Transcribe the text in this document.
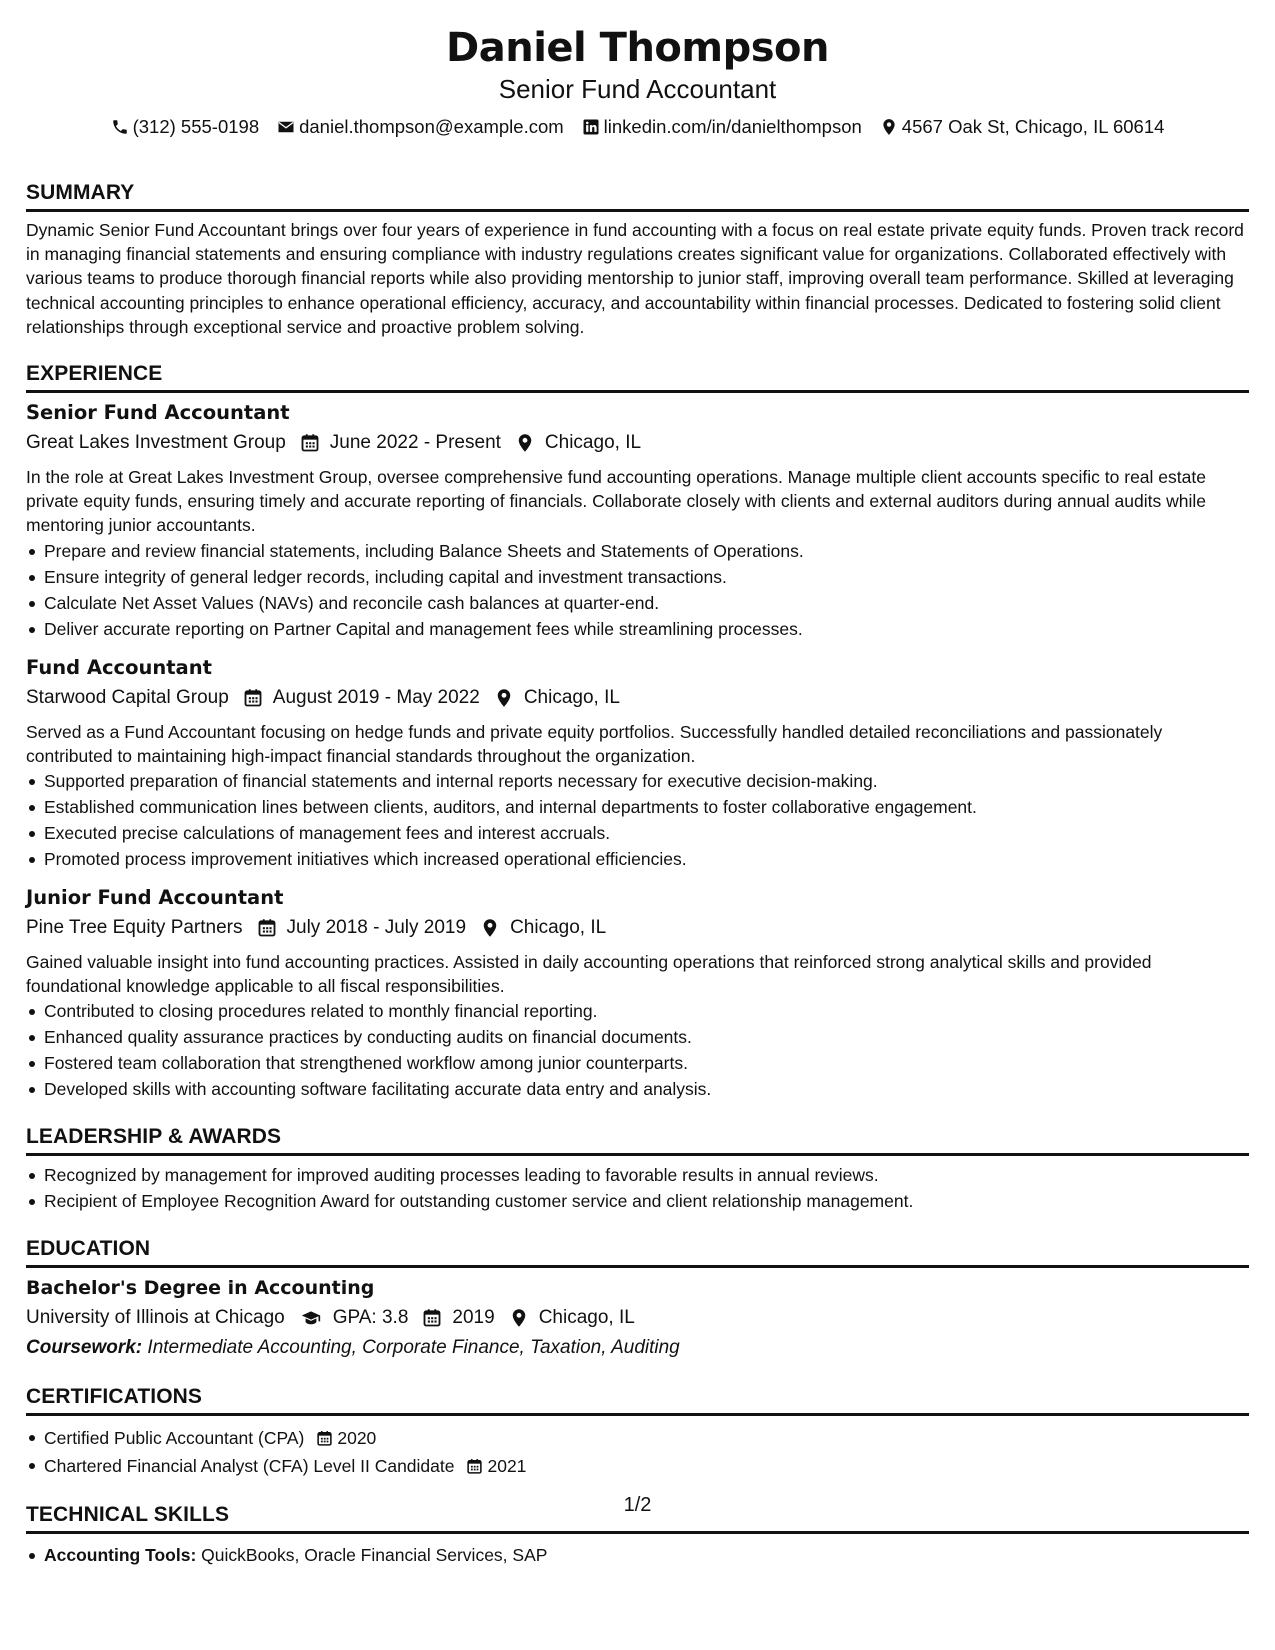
Daniel Thompson
Senior Fund Accountant
(312) 555-0198 daniel.thompson@example.com linkedin.com/in/danielthompson 4567 Oak St, Chicago, IL 60614
SUMMARY
Dynamic Senior Fund Accountant brings over four years of experience in fund accounting with a focus on real estate private equity funds. Proven track record in managing financial statements and ensuring compliance with industry regulations creates significant value for organizations. Collaborated effectively with various teams to produce thorough financial reports while also providing mentorship to junior staff, improving overall team performance. Skilled at leveraging technical accounting principles to enhance operational efficiency, accuracy, and accountability within financial processes. Dedicated to fostering solid client relationships through exceptional service and proactive problem solving.
EXPERIENCE
Senior Fund Accountant
Great Lakes Investment Group June 2022 - Present Chicago, IL
In the role at Great Lakes Investment Group, oversee comprehensive fund accounting operations. Manage multiple client accounts specific to real estate private equity funds, ensuring timely and accurate reporting of financials. Collaborate closely with clients and external auditors during annual audits while mentoring junior accountants.
Prepare and review financial statements, including Balance Sheets and Statements of Operations.
Ensure integrity of general ledger records, including capital and investment transactions.
Calculate Net Asset Values (NAVs) and reconcile cash balances at quarter-end.
Deliver accurate reporting on Partner Capital and management fees while streamlining processes.
Fund Accountant
Starwood Capital Group August 2019 - May 2022 Chicago, IL
Served as a Fund Accountant focusing on hedge funds and private equity portfolios. Successfully handled detailed reconciliations and passionately contributed to maintaining high-impact financial standards throughout the organization.
Supported preparation of financial statements and internal reports necessary for executive decision-making.
Established communication lines between clients, auditors, and internal departments to foster collaborative engagement.
Executed precise calculations of management fees and interest accruals.
Promoted process improvement initiatives which increased operational efficiencies.
Junior Fund Accountant
Pine Tree Equity Partners July 2018 - July 2019 Chicago, IL
Gained valuable insight into fund accounting practices. Assisted in daily accounting operations that reinforced strong analytical skills and provided foundational knowledge applicable to all fiscal responsibilities.
Contributed to closing procedures related to monthly financial reporting.
Enhanced quality assurance practices by conducting audits on financial documents.
Fostered team collaboration that strengthened workflow among junior counterparts.
Developed skills with accounting software facilitating accurate data entry and analysis.
LEADERSHIP & AWARDS
Recognized by management for improved auditing processes leading to favorable results in annual reviews.
Recipient of Employee Recognition Award for outstanding customer service and client relationship management.
EDUCATION
Bachelor's Degree in Accounting
University of Illinois at Chicago	GPA: 3.8 2019 Chicago, IL
Coursework: Intermediate Accounting, Corporate Finance, Taxation, Auditing
CERTIFICATIONS
Certified Public Accountant (CPA) 2020
Chartered Financial Analyst (CFA) Level II Candidate 2021
TECHNICAL SKILLS
Accounting Tools: QuickBooks, Oracle Financial Services, SAP
1/2
